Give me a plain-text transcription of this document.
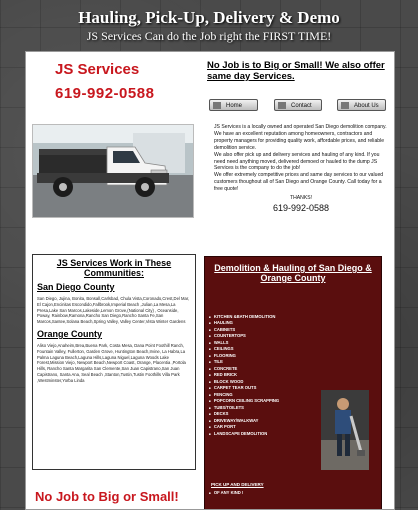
Hauling, Pick-Up, Delivery & Demo
JS Services Can do the Job right the FIRST TIME!
JS Services
619-992-0588
No Job is to Big or Small! We also offer same day Services.
Home	Contact	About Us

JS Services is a locally owned and operated San Diego demolition company. We have an excellent reputation among homeowners, contractors and property managers for providing quality work, affordable prices, and reliable demolition service.

We also offer pick up and delivery services and hauling of any kind. If you need need anything moved, delivered demoed or hauled to the dump JS Services is the company to do the job!

We offer extremely competitive prices and same day services to our valued customers thoughout all of San Diego and Orange County. Call today for a free quote!

THANKS!
619-992-0588
JS Services Work in These Communities:
San Diego County
San Diego, Jujina, Bonita, Bonsall,Carlsbad, Chula Vista,Coronado,Crest,Del Mar, El Cajon,Encinitas Escondido,Fallbrook,Imperial Beach ,Julian,La Mesa,La Presa,Lake San Marcos,Lakeside,Lemon Grove,(National City) , Oceanside, Poway, Rainbow,Ramona,Rancho San Diego,Rancho Santa Fe,San Marcos,Santee,Solana Beach,Spring Valley, Valley Center,Vista Winter Gardens
Orange County
Aliso Viejo,Anaheim,Brea,Buena Park, Costa Mesa, Dana Point Foothill Ranch, Fountain Valley, Fullerton, Garden Grove, Huntington Beach,Irvine, La Habra,La Palma Laguna Beach,Laguna Hills,Laguna Niguel,Laguna Woods Lake Forest,Mission Viejo, Newport Beach,Newport Coast, Orange, Placentia ,Portola Hills, Rancho Santa Margarita San Clemente,San Juan Capistrano,San Juan Capistrano, Santa Ana, Seal Beach ,Stanton,Tustin,Tustin Foothills Villa Park ,Westminster,Yorba Linda
Demolition & Hauling of San Diego & Orange County
■ KITCHEN &BATH DEMOLITION
■ HAULING
■ CABINETS
■ COUNTERTOPS
■ WALLS
■ CEILINGS
■ FLOORING
■ TILE
■ CONCRETE
■ RED BRICK
■ BLOCK WOOD
■ CARPET TEAR OUTS
■ FENCING
■ POPCORN CEILING SCRAPPING
■ TUBS/TOILETS
■ DECKS
■ DRIVEWAY/WALKWAY
■ CAR PORT
■ LANDSCAPE DEMOLITION
PICK UP AND DELIVERY
■ OF ANY KIND !
No Job to Big or Small!
